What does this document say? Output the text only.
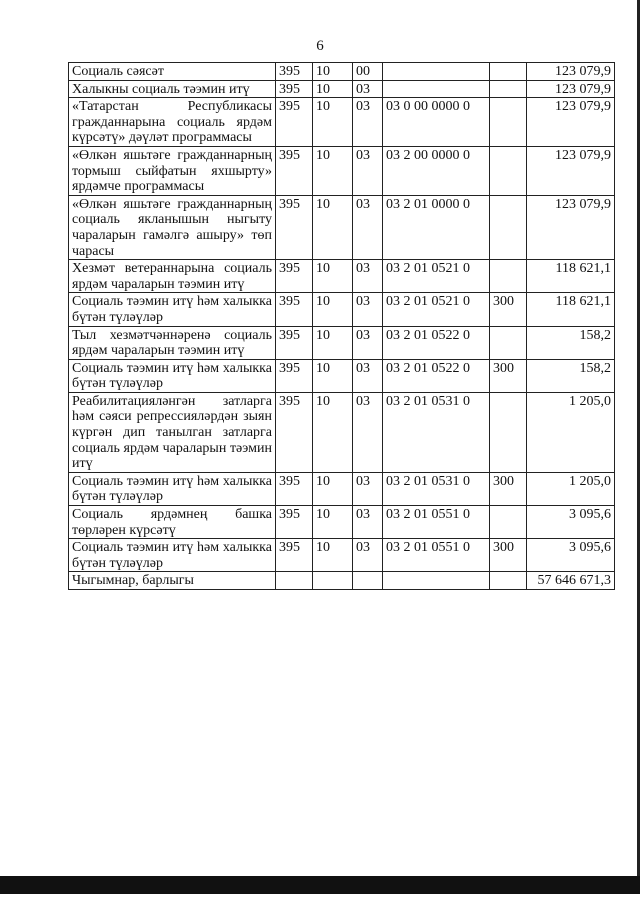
6
Социаль сәясәт	395	10	00			123 079,9
Халыкны социаль тәэмин итү	395	10	03			123 079,9
«Татарстан Республикасы гражданнарына социаль ярдәм күрсәтү» дәүләт программасы	395	10	03	03 0 00 0000 0		123 079,9
«Өлкән яшьтәге гражданнарның тормыш сыйфатын яхшырту» ярдәмче программасы	395	10	03	03 2 00 0000 0		123 079,9
«Өлкән яшьтәге гражданнарның социаль якланышын ныгыту чараларын гамәлгә ашыру» төп чарасы	395	10	03	03 2 01 0000 0		123 079,9
Хезмәт ветераннарына социаль ярдәм чараларын тәэмин итү	395	10	03	03 2 01 0521 0		118 621,1
Социаль тәэмин итү һәм халыкка бүтән түләүләр	395	10	03	03 2 01 0521 0	300	118 621,1
Тыл хезмәтчәннәренә социаль ярдәм чараларын тәэмин итү	395	10	03	03 2 01 0522 0		158,2
Социаль тәэмин итү һәм халыкка бүтән түләүләр	395	10	03	03 2 01 0522 0	300	158,2
Реабилитацияләнгән затларга һәм сәяси репрессияләрдән зыян күргән дип танылган затларга социаль ярдәм чараларын тәэмин итү	395	10	03	03 2 01 0531 0		1 205,0
Социаль тәэмин итү һәм халыкка бүтән түләүләр	395	10	03	03 2 01 0531 0	300	1 205,0
Социаль ярдәмнең башка төрләрен күрсәтү	395	10	03	03 2 01 0551 0		3 095,6
Социаль тәэмин итү һәм халыкка бүтән түләүләр	395	10	03	03 2 01 0551 0	300	3 095,6
Чыгымнар, барлыгы						57 646 671,3
